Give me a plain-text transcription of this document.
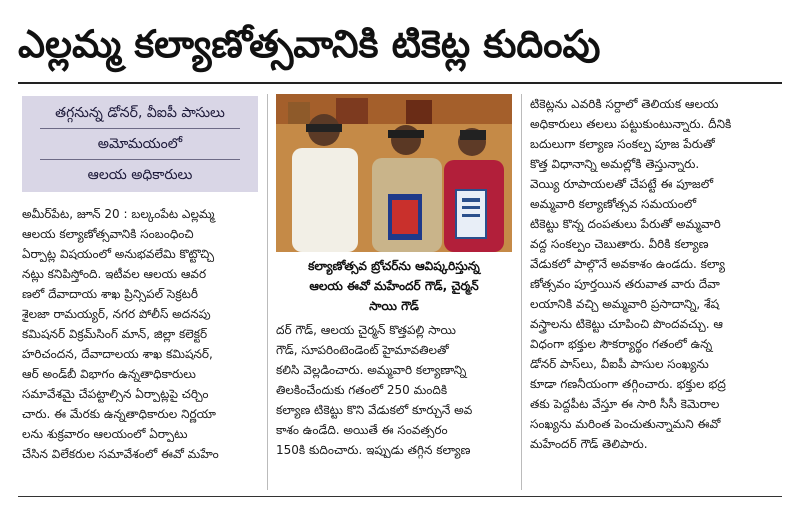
ఎల్లమ్మ కల్యాణోత్సవానికి టికెట్ల కుదింపు
తగ్గనున్న డోనర్‌, వీఐపీ పాసులు
అమోమయంలో
ఆలయ అధికారులు
అమీర్‌పేట, జూన్‌ 20 : బల్కంపేట ఎల్లమ్మ
ఆలయ కల్యాణోత్సవానికి సంబంధించి
ఏర్పాట్ల విషయంలో అనుభవలేమి కొట్టొచ్చి
నట్లు కనిపిస్తోంది. ఇటీవల ఆలయ ఆవర
ణలో దేవాదాయ శాఖ ప్రిన్సిపల్‌ సెక్రటరీ
శైలజా రామయ్యర్‌, నగర పోలీస్‌ అదనపు
కమిషనర్‌ విక్రమ్‌సింగ్‌ మాన్‌, జిల్లా కలెక్టర్‌
హరిచందన, దేవాదాలయ శాఖ కమిషనర్‌,
ఆర్‌ అండ్‌బీ విభాగం ఉన్నతాధికారులు
సమావేశమై చేపట్టాల్సిన ఏర్పాట్లపై చర్చిం
చారు. ఈ మేరకు ఉన్నతాధికారుల నిర్ణయా
లను శుక్రవారం ఆలయంలో ఏర్పాటు
చేసిన విలేకరుల సమావేశంలో ఈవో మహేం
కల్యాణోత్సవ బ్రోచర్‌ను ఆవిష్కరిస్తున్న
ఆలయ ఈవో మహేందర్‌ గౌడ్‌, చైర్మన్‌
సాయి గౌడ్‌
దర్‌ గౌడ్‌, ఆలయ చైర్మన్‌ కొత్తపల్లి సాయి
గౌడ్‌, సూపరింటెండెంట్‌ హైమావతిలతో
కలిసి వెల్లడించారు. అమ్మవారి కల్యాణాన్ని
తిలకించేందుకు గతంలో 250 మందికి
కల్యాణ టికెట్టు కొని వేడుకలో కూర్చునే అవ
కాశం ఉండేది. అయితే ఈ సంవత్సరం
150కి కుదించారు. ఇప్పుడు తగ్గిన కల్యాణ
టికెట్లను ఎవరికి సర్దాలో తెలియక ఆలయ
అధికారులు తలలు పట్టుకుంటున్నారు. దీనికి
బదులుగా కల్యాణ సంకల్ప పూజ పేరుతో
కొత్త విధానాన్ని అమల్లోకి తెస్తున్నారు.
వెయ్యి రూపాయలతో చేపట్టే ఈ పూజలో
అమ్మవారి కల్యాణోత్సవ సమయంలో
టికెట్టు కొన్న దంపతులు పేరుతో అమ్మవారి
వద్ద సంకల్పం చెబుతారు. వీరికి కల్యాణ
వేడుకలో పాల్గొనే అవకాశం ఉండదు. కల్యా
ణోత్సవం పూర్తయిన తరువాత వారు దేవా
లయానికి వచ్చి అమ్మవారి ప్రసాదాన్ని, శేష
వస్త్రాలను టికెట్టు చూపించి పొందవచ్చు. ఆ
విధంగా భక్తుల సౌకర్యార్థం గతంలో ఉన్న
డోనర్‌ పాస్‌లు, వీఐపీ పాసుల సంఖ్యను
కూడా గణనీయంగా తగ్గించారు. భక్తుల భద్ర
తకు పెద్దపీట వేస్తూ ఈ సారి సీసీ కెమెరాల
సంఖ్యను మరింత పెంచుతున్నామని ఈవో
మహేందర్‌ గౌడ్‌ తెలిపారు.
